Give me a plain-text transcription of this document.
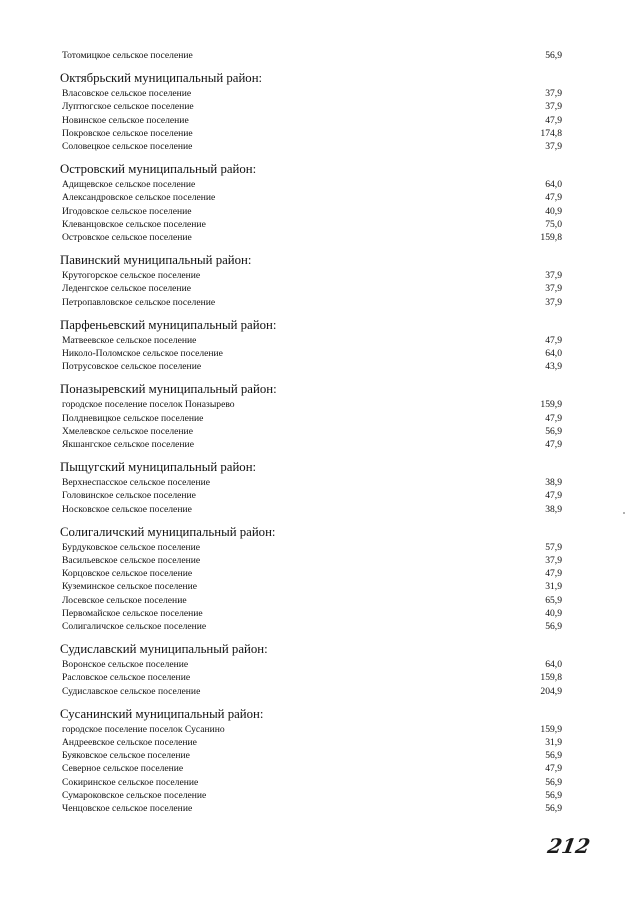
212
Тотомицкое сельское поселение	56,9
Октябрьский муниципальный район:
Власовское сельское поселение	37,9
Луптюгское сельское поселение	37,9
Новинское сельское поселение	47,9
Покровское сельское поселение	174,8
Соловецкое сельское поселение	37,9
Островский муниципальный район:
Адищевское сельское поселение	64,0
Александровское сельское поселение	47,9
Игодовское сельское поселение	40,9
Клеванцовское сельское поселение	75,0
Островское сельское поселение	159,8
Павинский муниципальный район:
Крутогорское сельское поселение	37,9
Леденгское сельское поселение	37,9
Петропавловское сельское поселение	37,9
Парфеньевский муниципальный район:
Матвеевское сельское поселение	47,9
Николо-Поломское сельское поселение	64,0
Потрусовское сельское поселение	43,9
Поназыревский муниципальный район:
городское поселение поселок Поназырево	159,9
Полдневицкое сельское поселение	47,9
Хмелевское сельское поселение	56,9
Якшангское сельское поселение	47,9
Пыщугский муниципальный район:
Верхнеспасское сельское поселение	38,9
Головинское сельское поселение	47,9
Носковское сельское поселение	38,9
Солигаличский муниципальный район:
Бурдуковское сельское поселение	57,9
Васильевское сельское поселение	37,9
Корцовское сельское поселение	47,9
Куземинское сельское поселение	31,9
Лосевское сельское поселение	65,9
Первомайское сельское поселение	40,9
Солигаличское сельское поселение	56,9
Судиславский муниципальный район:
Воронское сельское поселение	64,0
Расловское сельское поселение	159,8
Судиславское сельское поселение	204,9
Сусанинский муниципальный район:
городское поселение поселок Сусанино	159,9
Андреевское сельское поселение	31,9
Буяковское сельское поселение	56,9
Северное сельское поселение	47,9
Сокиринское сельское поселение	56,9
Сумароковское сельское поселение	56,9
Ченцовское сельское поселение	56,9
